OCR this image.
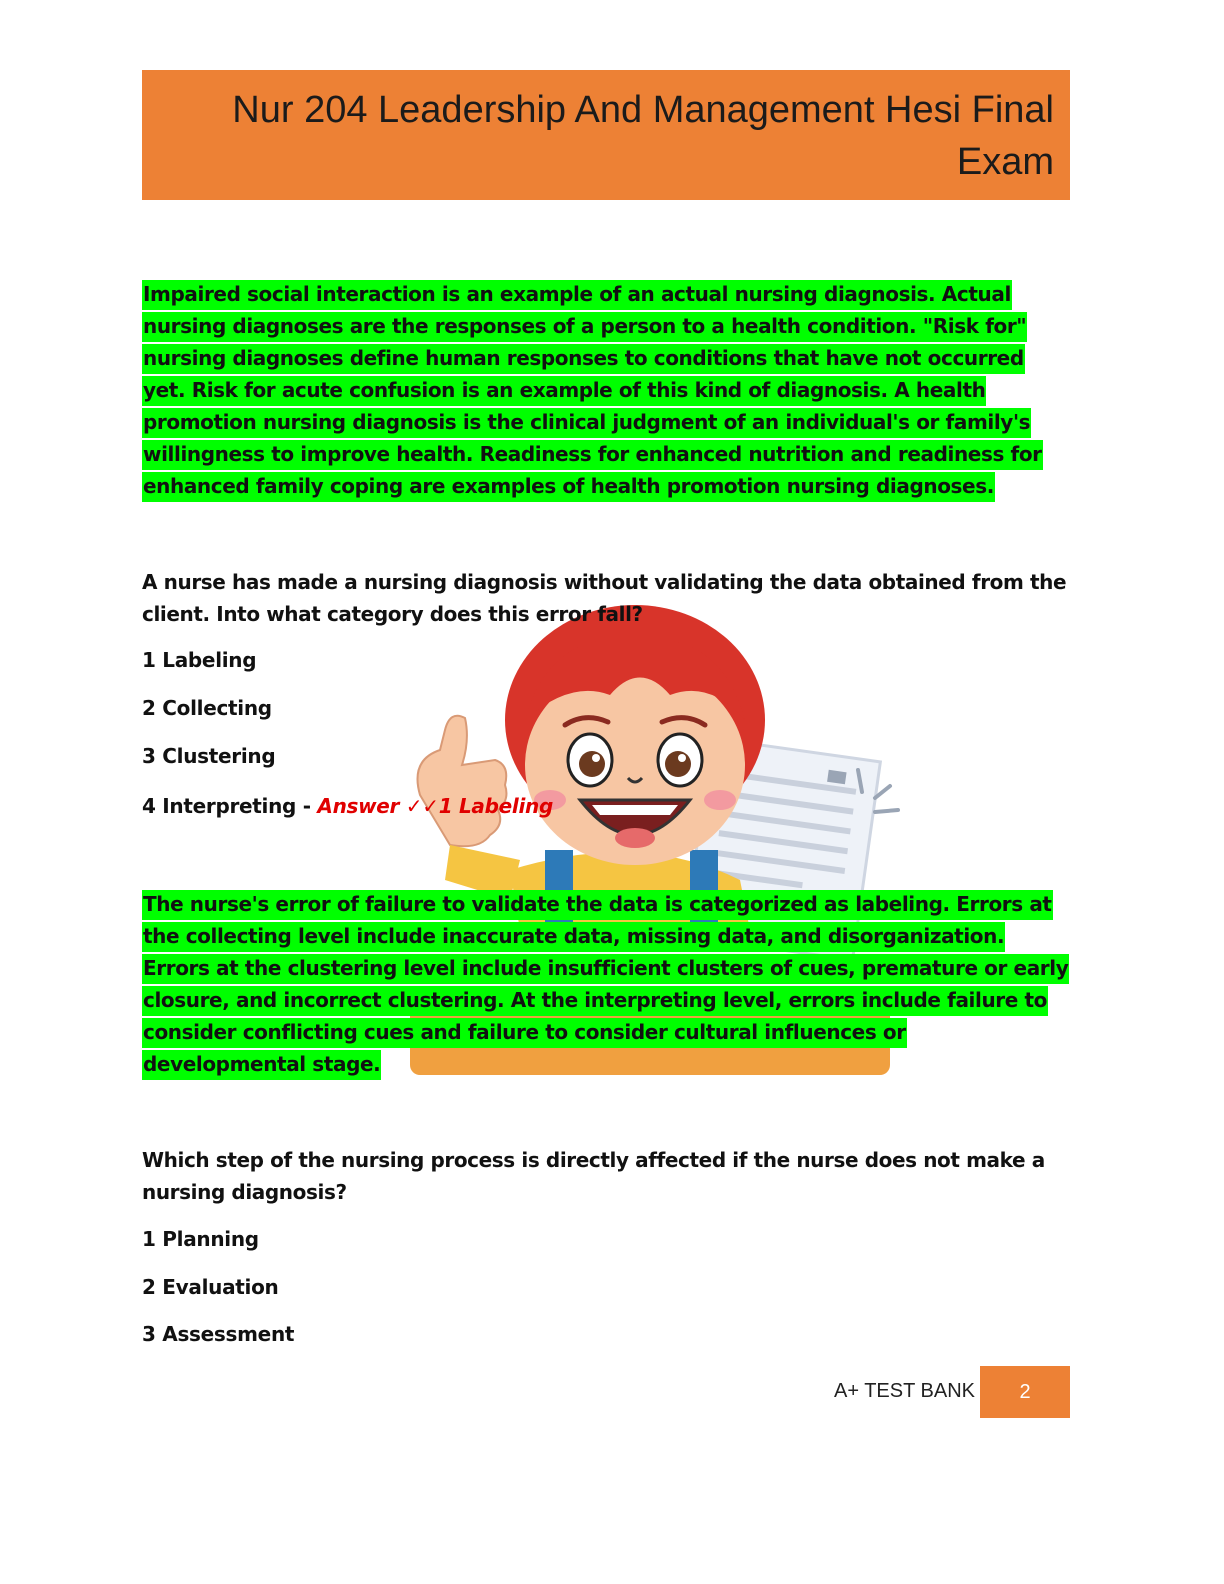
Nur 204 Leadership And Management Hesi Final
Exam
Impaired social interaction is an example of an actual nursing diagnosis. Actual nursing diagnoses are the responses of a person to a health condition. "Risk for" nursing diagnoses define human responses to conditions that have not occurred yet. Risk for acute confusion is an example of this kind of diagnosis. A health promotion nursing diagnosis is the clinical judgment of an individual's or family's willingness to improve health. Readiness for enhanced nutrition and readiness for enhanced family coping are examples of health promotion nursing diagnoses.
A nurse has made a nursing diagnosis without validating the data obtained from the client. Into what category does this error fall?
1 Labeling
2 Collecting
3 Clustering
4 Interpreting - Answer ✓✓1 Labeling
The nurse's error of failure to validate the data is categorized as labeling. Errors at the collecting level include inaccurate data, missing data, and disorganization. Errors at the clustering level include insufficient clusters of cues, premature or early closure, and incorrect clustering. At the interpreting level, errors include failure to consider conflicting cues and failure to consider cultural influences or developmental stage.
Which step of the nursing process is directly affected if the nurse does not make a nursing diagnosis?
1 Planning
2 Evaluation
3 Assessment
A+ TEST BANK	2
